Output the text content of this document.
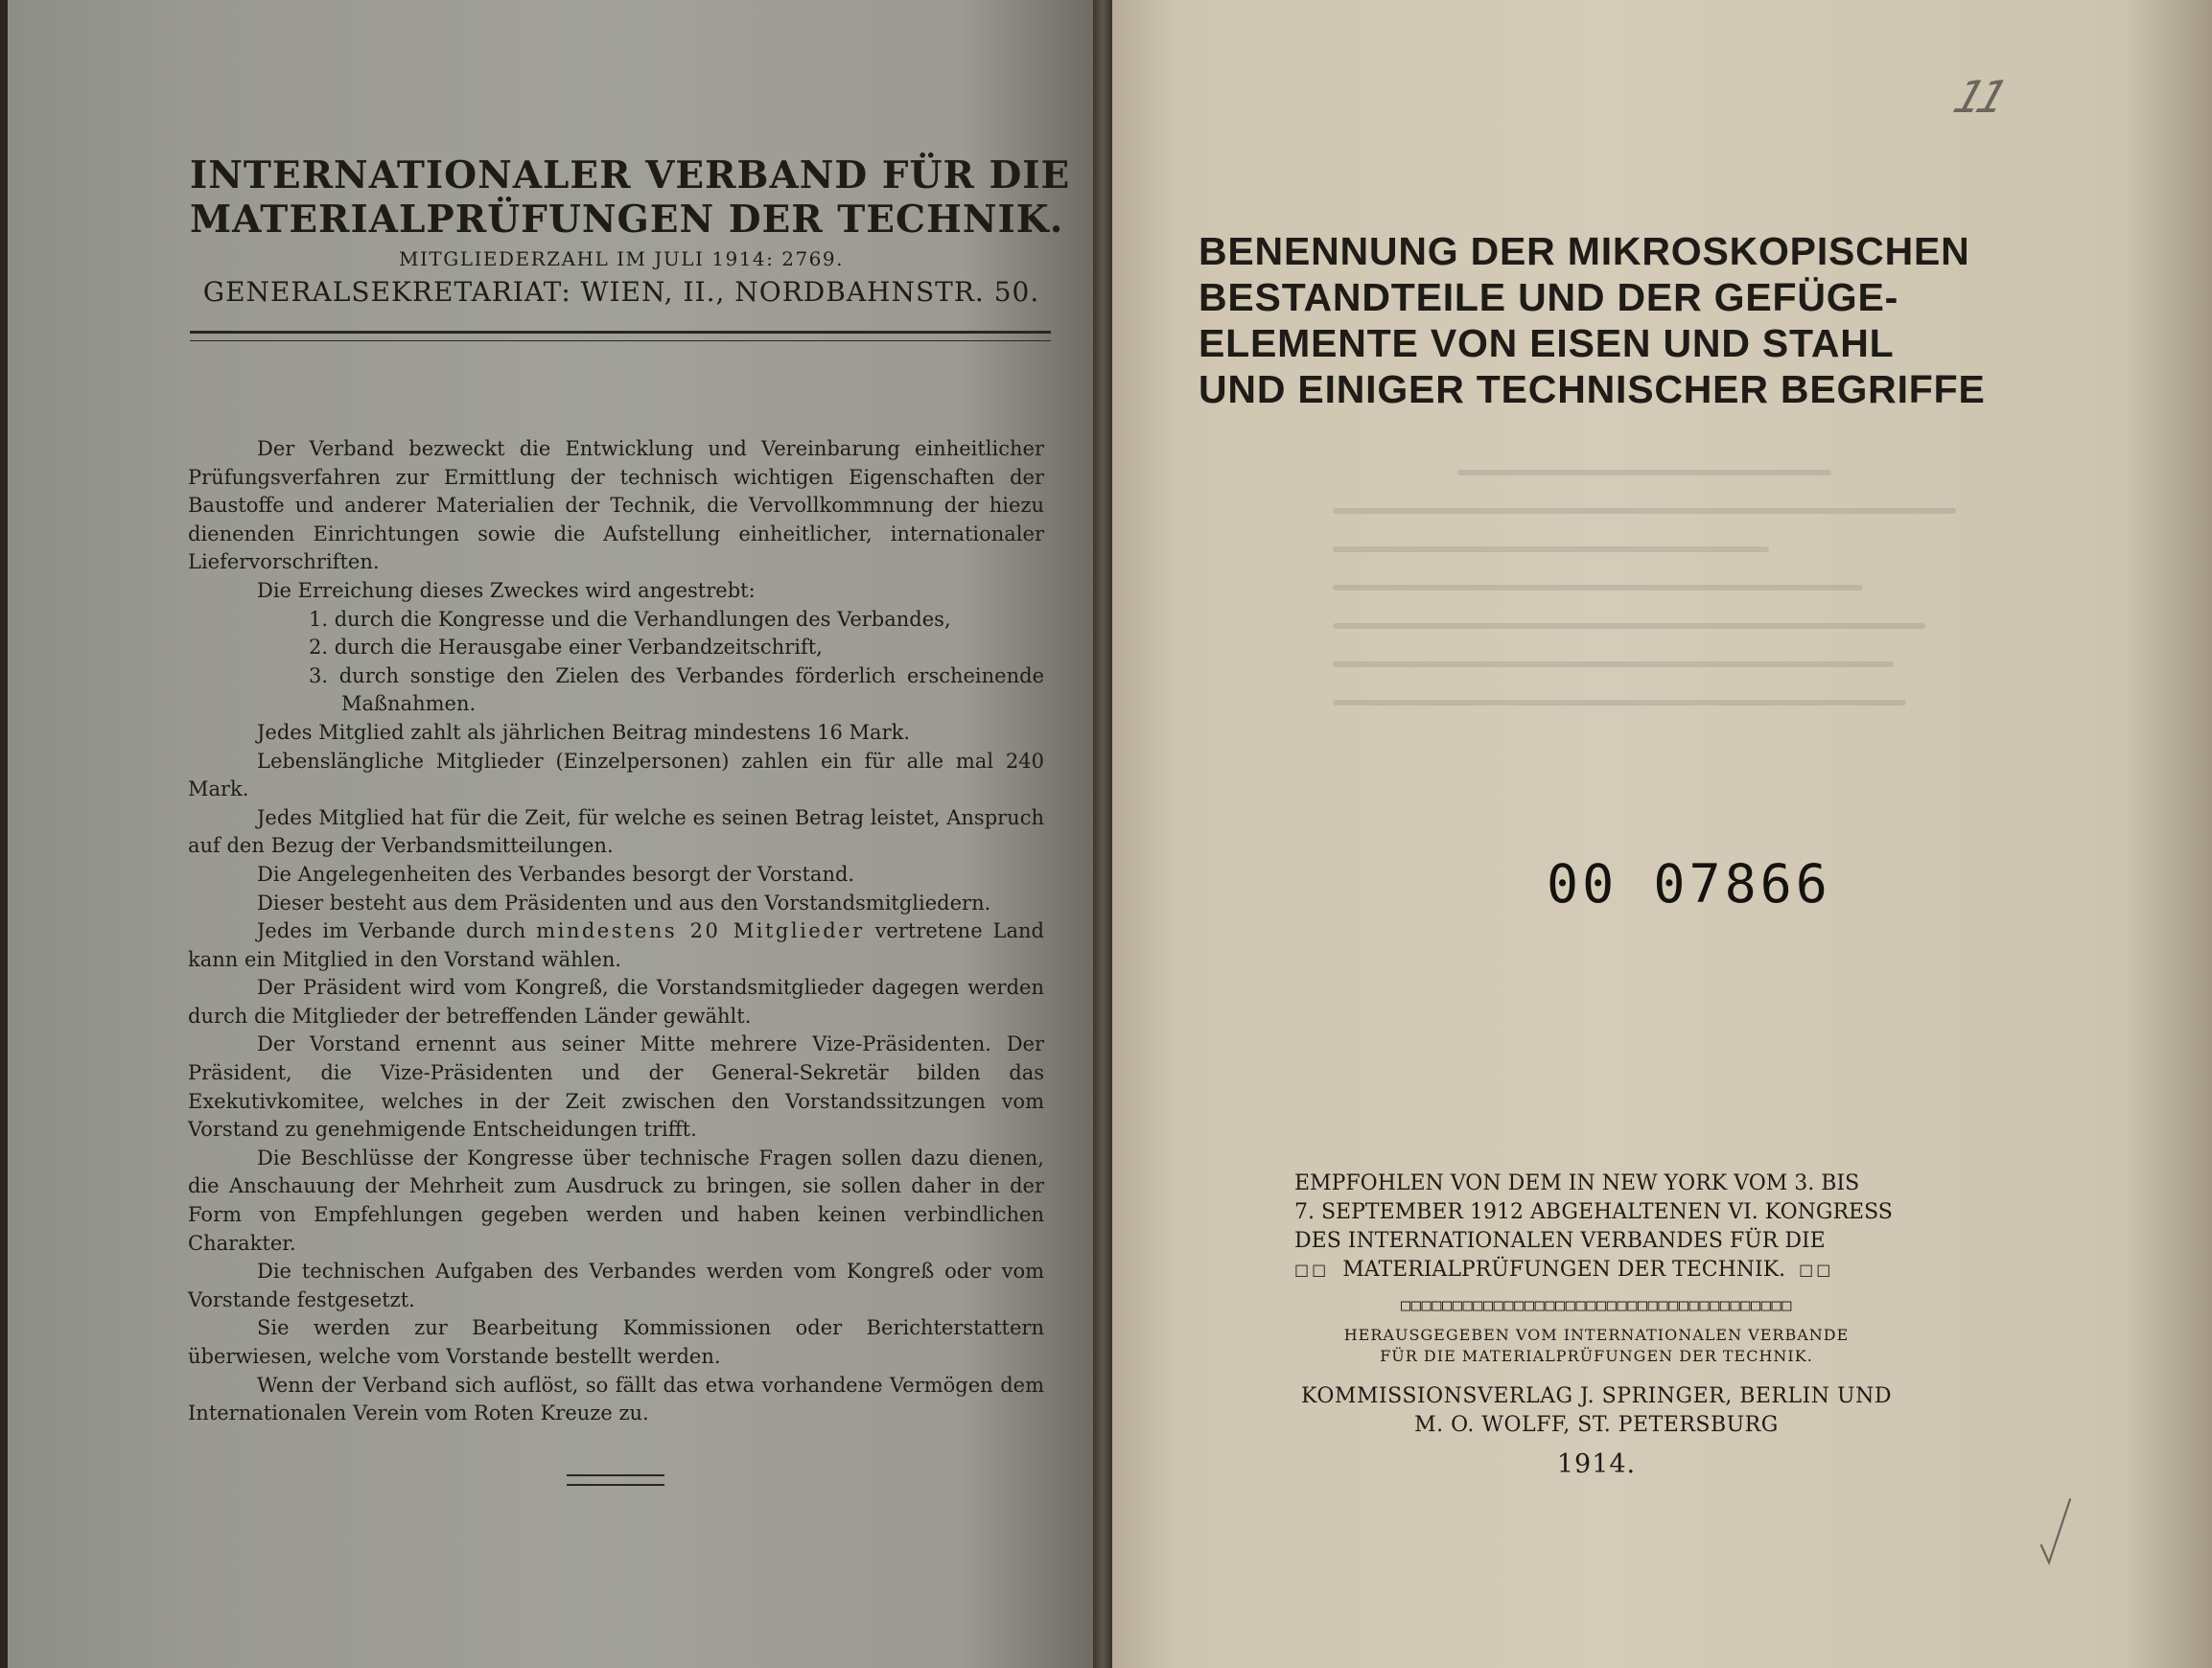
INTERNATIONALER VERBAND FÜR DIE
MATERIALPRÜFUNGEN DER TECHNIK.
MITGLIEDERZAHL IM JULI 1914: 2769.
GENERALSEKRETARIAT: WIEN, II., NORDBAHNSTR. 50.

Der Verband bezweckt die Entwicklung und Vereinbarung einheitlicher Prüfungsverfahren zur Ermittlung der technisch wichtigen Eigenschaften der Baustoffe und anderer Materialien der Technik, die Vervollkommnung der hiezu dienenden Einrichtungen sowie die Aufstellung einheitlicher, internationaler Liefervorschriften.

Die Erreichung dieses Zweckes wird angestrebt:

1. durch die Kongresse und die Verhandlungen des Verbandes,

2. durch die Herausgabe einer Verbandzeitschrift,

3. durch sonstige den Zielen des Verbandes förderlich erscheinende Maßnahmen.

Jedes Mitglied zahlt als jährlichen Beitrag mindestens 16 Mark.

Lebenslängliche Mitglieder (Einzelpersonen) zahlen ein für alle mal 240 Mark.

Jedes Mitglied hat für die Zeit, für welche es seinen Betrag leistet, Anspruch auf den Bezug der Verbandsmitteilungen.

Die Angelegenheiten des Verbandes besorgt der Vorstand.

Dieser besteht aus dem Präsidenten und aus den Vorstandsmitgliedern.

Jedes im Verbande durch mindestens 20 Mitglieder vertretene Land kann ein Mitglied in den Vorstand wählen.

Der Präsident wird vom Kongreß, die Vorstandsmitglieder dagegen werden durch die Mitglieder der betreffenden Länder gewählt.

Der Vorstand ernennt aus seiner Mitte mehrere Vize-Präsidenten. Der Präsident, die Vize-Präsidenten und der General-Sekretär bilden das Exekutivkomitee, welches in der Zeit zwischen den Vorstandssitzungen vom Vorstand zu genehmigende Entscheidungen trifft.

Die Beschlüsse der Kongresse über technische Fragen sollen dazu dienen, die Anschauung der Mehrheit zum Ausdruck zu bringen, sie sollen daher in der Form von Empfehlungen gegeben werden und haben keinen verbindlichen Charakter.

Die technischen Aufgaben des Verbandes werden vom Kongreß oder vom Vorstande festgesetzt.

Sie werden zur Bearbeitung Kommissionen oder Berichterstattern überwiesen, welche vom Vorstande bestellt werden.

Wenn der Verband sich auflöst, so fällt das etwa vorhandene Vermögen dem Internationalen Verein vom Roten Kreuze zu.

11
BENENNUNG DER MIKROSKOPISCHEN
BESTANDTEILE UND DER GEFÜGE-
ELEMENTE VON EISEN UND STAHL
UND EINIGER TECHNISCHER BEGRIFFE
00 07866

EMPFOHLEN VON DEM IN NEW YORK VOM 3. BIS

7. SEPTEMBER 1912 ABGEHALTENEN VI. KONGRESS

DES INTERNATIONALEN VERBANDES FÜR DIE

□□ MATERIALPRÜFUNGEN DER TECHNIK. □□

□□□□□□□□□□□□□□□□□□□□□□□□□□□□□□□□□□□□□□
HERAUSGEGEBEN VOM INTERNATIONALEN VERBANDE
FÜR DIE MATERIALPRÜFUNGEN DER TECHNIK.
KOMMISSIONSVERLAG J. SPRINGER, BERLIN UND
M. O. WOLFF, ST. PETERSBURG
1914.
